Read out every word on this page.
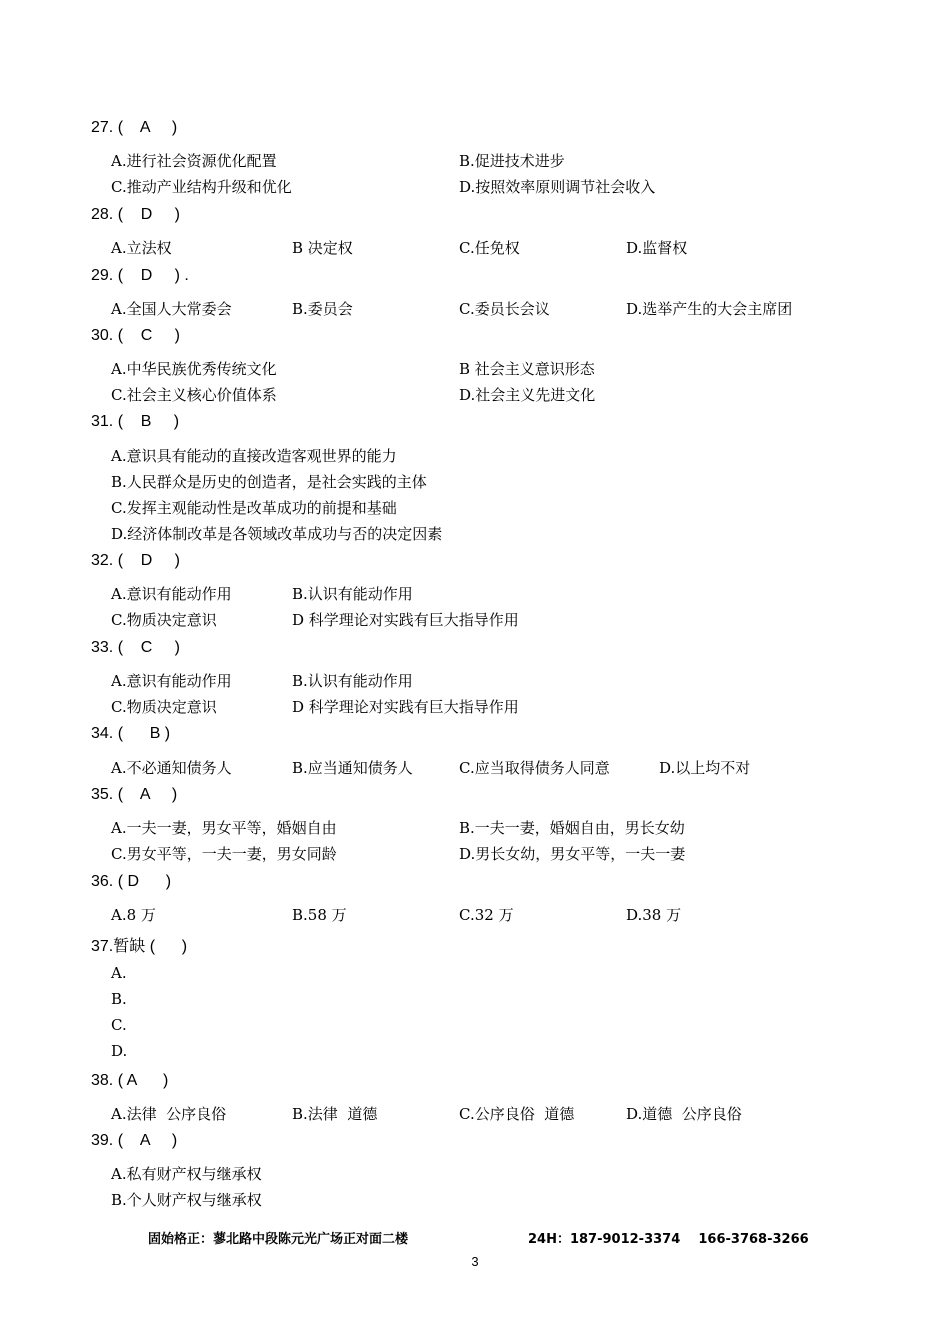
27. (    A     )
A.进行社会资源优化配置	B.促进技术进步
C.推动产业结构升级和优化	D.按照效率原则调节社会收入
28. (    D     )
A.立法权	B 决定权	C.任免权	D.监督权
29. (    D     ) .
A.全国人大常委会	B.委员会	C.委员长会议	D.选举产生的大会主席团
30. (    C     )
A.中华民族优秀传统文化	B 社会主义意识形态
C.社会主义核心价值体系	D.社会主义先进文化
31. (    B     )
A.意识具有能动的直接改造客观世界的能力
B.人民群众是历史的创造者，是社会实践的主体
C.发挥主观能动性是改革成功的前提和基础
D.经济体制改革是各领域改革成功与否的决定因素
32. (    D     )
A.意识有能动作用	B.认识有能动作用
C.物质决定意识	D 科学理论对实践有巨大指导作用
33. (    C     )
A.意识有能动作用	B.认识有能动作用
C.物质决定意识	D 科学理论对实践有巨大指导作用
34. (      B )
A.不必通知债务人	B.应当通知债务人	C.应当取得债务人同意	D.以上均不对
35. (    A     )
A.一夫一妻，男女平等，婚姻自由	B.一夫一妻，婚姻自由，男长女幼
C.男女平等，一夫一妻，男女同龄	D.男长女幼，男女平等，一夫一妻
36. ( D      )
A.8 万	B.58 万	C.32 万	D.38 万
37.暂缺 (      )
A.
B.
C.
D.
38. ( A      )
A.法律  公序良俗	B.法律  道德	C.公序良俗  道德	D.道德  公序良俗
39. (    A     )
A.私有财产权与继承权
B.个人财产权与继承权
固始格正：蓼北路中段陈元光广场正对面二楼	24H：187-9012-3374    166-3768-3266
3
